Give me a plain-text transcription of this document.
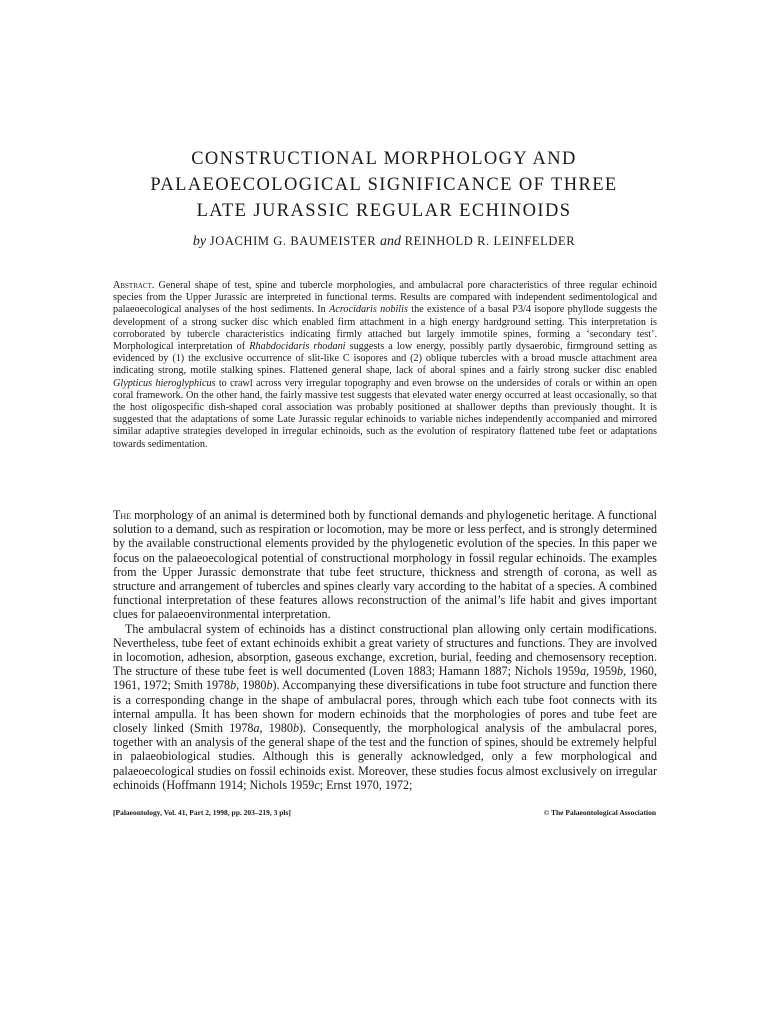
CONSTRUCTIONAL MORPHOLOGY AND
PALAEOECOLOGICAL SIGNIFICANCE OF THREE
LATE JURASSIC REGULAR ECHINOIDS
by JOACHIM G. BAUMEISTER and REINHOLD R. LEINFELDER

Abstract. General shape of test, spine and tubercle morphologies, and ambulacral pore characteristics of three regular echinoid species from the Upper Jurassic are interpreted in functional terms. Results are compared with independent sedimentological and palaeoecological analyses of the host sediments. In Acrocidaris nobilis the existence of a basal P3/4 isopore phyllode suggests the development of a strong sucker disc which enabled firm attachment in a high energy hardground setting. This interpretation is corroborated by tubercle characteristics indicating firmly attached but largely immotile spines, forming a ‘secondary test’. Morphological interpretation of Rhabdocidaris rhodani suggests a low energy, possibly partly dysaerobic, firmground setting as evidenced by (1) the exclusive occurrence of slit-like C isopores and (2) oblique tubercles with a broad muscle attachment area indicating strong, motile stalking spines. Flattened general shape, lack of aboral spines and a fairly strong sucker disc enabled Glypticus hieroglyphicus to crawl across very irregular topography and even browse on the undersides of corals or within an open coral framework. On the other hand, the fairly massive test suggests that elevated water energy occurred at least occasionally, so that the host oligospecific dish-shaped coral association was probably positioned at shallower depths than previously thought. It is suggested that the adaptations of some Late Jurassic regular echinoids to variable niches independently accompanied and mirrored similar adaptive strategies developed in irregular echinoids, such as the evolution of respiratory flattened tube feet or adaptations towards sedimentation.

The morphology of an animal is determined both by functional demands and phylogenetic heritage. A functional solution to a demand, such as respiration or locomotion, may be more or less perfect, and is strongly determined by the available constructional elements provided by the phylogenetic evolution of the species. In this paper we focus on the palaeoecological potential of constructional morphology in fossil regular echinoids. The examples from the Upper Jurassic demonstrate that tube feet structure, thickness and strength of corona, as well as structure and arrangement of tubercles and spines clearly vary according to the habitat of a species. A combined functional interpretation of these features allows reconstruction of the animal’s life habit and gives important clues for palaeoenvironmental interpretation.

The ambulacral system of echinoids has a distinct constructional plan allowing only certain modifications. Nevertheless, tube feet of extant echinoids exhibit a great variety of structures and functions. They are involved in locomotion, adhesion, absorption, gaseous exchange, excretion, burial, feeding and chemosensory reception. The structure of these tube feet is well documented (Loven 1883; Hamann 1887; Nichols 1959a, 1959b, 1960, 1961, 1972; Smith 1978b, 1980b). Accompanying these diversifications in tube foot structure and function there is a corresponding change in the shape of ambulacral pores, through which each tube foot connects with its internal ampulla. It has been shown for modern echinoids that the morphologies of pores and tube feet are closely linked (Smith 1978a, 1980b). Consequently, the morphological analysis of the ambulacral pores, together with an analysis of the general shape of the test and the function of spines, should be extremely helpful in palaeobiological studies. Although this is generally acknowledged, only a few morphological and palaeoecological studies on fossil echinoids exist. Moreover, these studies focus almost exclusively on irregular echinoids (Hoffmann 1914; Nichols 1959c; Ernst 1970, 1972;

[Palaeontology, Vol. 41, Part 2, 1998, pp. 203–219, 3 pls]	© The Palaeontological Association
